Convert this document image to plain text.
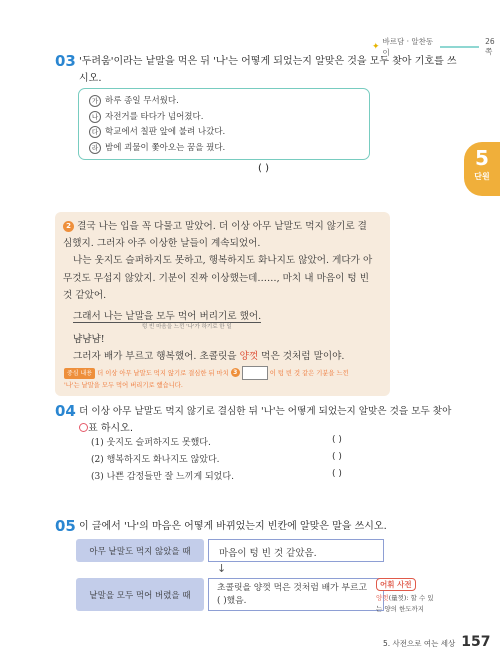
✦
바르담 · 알찬동이
26쪽
03 '두려움'이라는 낱말을 먹은 뒤 '나'는 어떻게 되었는지 알맞은 것을 모두 찾아 기호를 쓰
시오.
가 하루 종일 무서웠다.
나 자전거를 타다가 넘어졌다.
다 학교에서 칠판 앞에 불려 나갔다.
라 밤에 괴물이 쫓아오는 꿈을 꿨다.
( )	5
단원
2 결국 나는 입을 꼭 다물고 말았어. 더 이상 아무 낱말도 먹지 않기로 결
심했지. 그러자 아주 이상한 날들이 계속되었어.
나는 웃지도 슬퍼하지도 못하고, 행복하지도 화나지도 않았어. 게다가 아
무것도 무섭지 않았지. 기분이 진짜 이상했는데……, 마치 내 마음이 텅 빈
것 같았어.
그래서 나는 낱말을 모두 먹어 버리기로 했어.
텅 빈 마음을 느낀 '나'가 하기로 한 일
냠냠냠!
그러자 배가 부르고 행복했어. 초콜릿을 양껏 먹은 것처럼 말이야.
중심 내용 더 이상 아무 낱말도 먹지 않기로 결심한 뒤 마치 3	이 텅 빈 것 같은 기분을 느낀
'나'는 낱말을 모두 먹어 버리기로 했습니다.
04 더 이상 아무 낱말도 먹지 않기로 결심한 뒤 '나'는 어떻게 되었는지 알맞은 것을 모두 찾아
표 하시오.
(1) 웃지도 슬퍼하지도 못했다.	( )
(2) 행복하지도 화나지도 않았다.	( )
(3) 나쁜 감정들만 잘 느끼게 되었다.	( )
05 이 글에서 '나'의 마음은 어떻게 바뀌었는지 빈칸에 알맞은 말을 쓰시오.
아무 낱말도 먹지 않았을 때	마음이 텅 빈 것 같았음.
↓
낱말을 모두 먹어 버렸을 때
초콜릿을 양껏 먹은 것처럼 배가 부르고
( )했음.
어휘 사전
양껏(量껏): 할 수 있
는 양의 한도까지
5. 사전으로 여는 세상 157
